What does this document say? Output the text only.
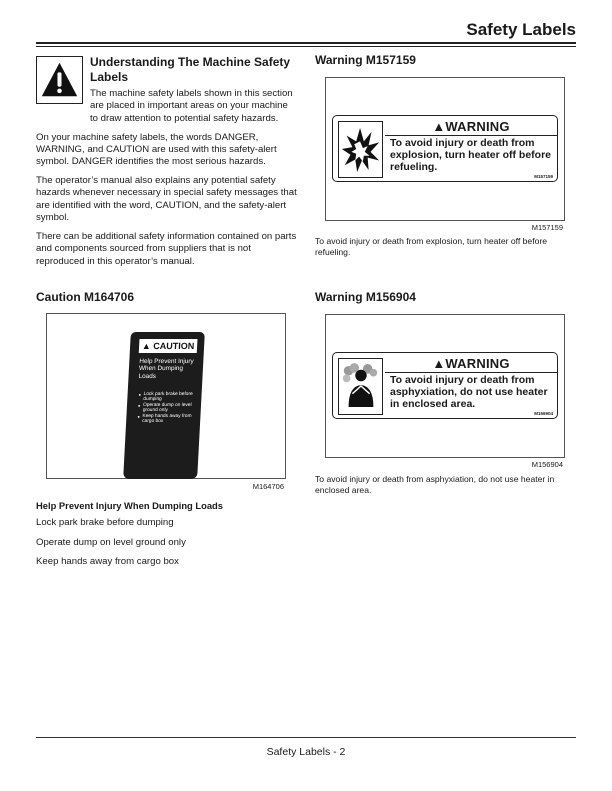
Safety Labels
Understanding The Machine Safety Labels

The machine safety labels shown in this section are placed in important areas on your machine to draw attention to potential safety hazards.

On your machine safety labels, the words DANGER, WARNING, and CAUTION are used with this safety-alert symbol. DANGER identifies the most serious hazards.

The operator’s manual also explains any potential safety hazards whenever necessary in special safety messages that are identified with the word, CAUTION, and the safety-alert symbol.

There can be additional safety information contained on parts and components sourced from suppliers that is not reproduced in this operator’s manual.

Warning M157159
▲WARNING
To avoid injury or death from explosion, turn heater off before refueling.
M157159
M157159

To avoid injury or death from explosion, turn heater off before refueling.

Caution M164706
▲ CAUTION
Help Prevent Injury When Dumping Loads
● Lock park brake before dumping
● Operate dump on level ground only
● Keep hands away from cargo box
M164706

Help Prevent Injury When Dumping Loads

Lock park brake before dumping

Operate dump on level ground only

Keep hands away from cargo box

Warning M156904
▲WARNING
To avoid injury or death from asphyxiation, do not use heater in enclosed area.
M156904
M156904

To avoid injury or death from asphyxiation, do not use heater in enclosed area.

Safety Labels - 2
